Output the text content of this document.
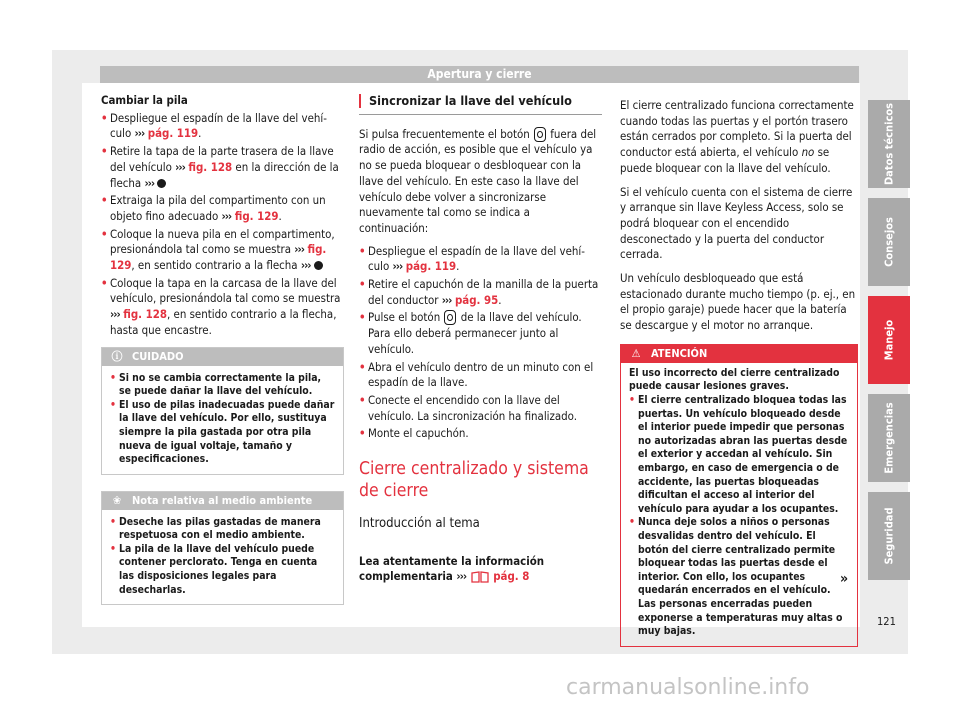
Apertura y cierre

Cambiar la pila

• Despliegue el espadín de la llave del vehí-culo ››› pág. 119.
• Retire la tapa de la parte trasera de la llave del vehículo ››› fig. 128 en la dirección de la flecha ›››
• Extraiga la pila del compartimento con un objeto fino adecuado ››› fig. 129.
• Coloque la nueva pila en el compartimento, presionándola tal como se muestra ››› fig. 129, en sentido contrario a la flecha ›››
• Coloque la tapa en la carcasa de la llave del vehículo, presionándola tal como se muestra ››› fig. 128, en sentido contrario a la flecha, hasta que encastre.
ⓘ CUIDADO
• Si no se cambia correctamente la pila, se puede dañar la llave del vehículo.
• El uso de pilas inadecuadas puede dañar la llave del vehículo. Por ello, sustituya siempre la pila gastada por otra pila nueva de igual voltaje, tamaño y especificaciones.
❀ Nota relativa al medio ambiente
• Deseche las pilas gastadas de manera respetuosa con el medio ambiente.
• La pila de la llave del vehículo puede contener perclorato. Tenga en cuenta las disposiciones legales para desecharlas.
Sincronizar la llave del vehículo

Si pulsa frecuentemente el botón  fuera del radio de acción, es posible que el vehículo ya no se pueda bloquear o desbloquear con la llave del vehículo. En este caso la llave del vehículo debe volver a sincronizarse nuevamente tal como se indica a continuación:

• Despliegue el espadín de la llave del vehí-culo ››› pág. 119.
• Retire el capuchón de la manilla de la puerta del conductor ››› pág. 95.
• Pulse el botón  de la llave del vehículo. Para ello deberá permanecer junto al vehículo.
• Abra el vehículo dentro de un minuto con el espadín de la llave.
• Conecte el encendido con la llave del vehículo. La sincronización ha finalizado.
• Monte el capuchón.
Cierre centralizado y sistema de cierre
Introducción al tema

Lea atentamente la información complementaria ›››  pág. 8

El cierre centralizado funciona correctamente cuando todas las puertas y el portón trasero están cerrados por completo. Si la puerta del conductor está abierta, el vehículo no se puede bloquear con la llave del vehículo.

Si el vehículo cuenta con el sistema de cierre y arranque sin llave Keyless Access, solo se podrá bloquear con el encendido desconectado y la puerta del conductor cerrada.

Un vehículo desbloqueado que está estacionado durante mucho tiempo (p. ej., en el propio garaje) puede hacer que la batería se descargue y el motor no arranque.

⚠ ATENCIÓN

El uso incorrecto del cierre centralizado puede causar lesiones graves.

• El cierre centralizado bloquea todas las puertas. Un vehículo bloqueado desde el interior puede impedir que personas no autorizadas abran las puertas desde el exterior y accedan al vehículo. Sin embargo, en caso de emergencia o de accidente, las puertas bloqueadas dificultan el acceso al interior del vehículo para ayudar a los ocupantes.
• Nunca deje solos a niños o personas desvalidas dentro del vehículo. El botón del cierre centralizado permite bloquear todas las puertas desde el interior. Con ello, los ocupantes quedarán encerrados en el vehículo. Las personas encerradas pueden exponerse a temperaturas muy altas o muy bajas.
»
Datos técnicos
Consejos
Manejo
Emergencias
Seguridad
121
carmanualsonline.info
